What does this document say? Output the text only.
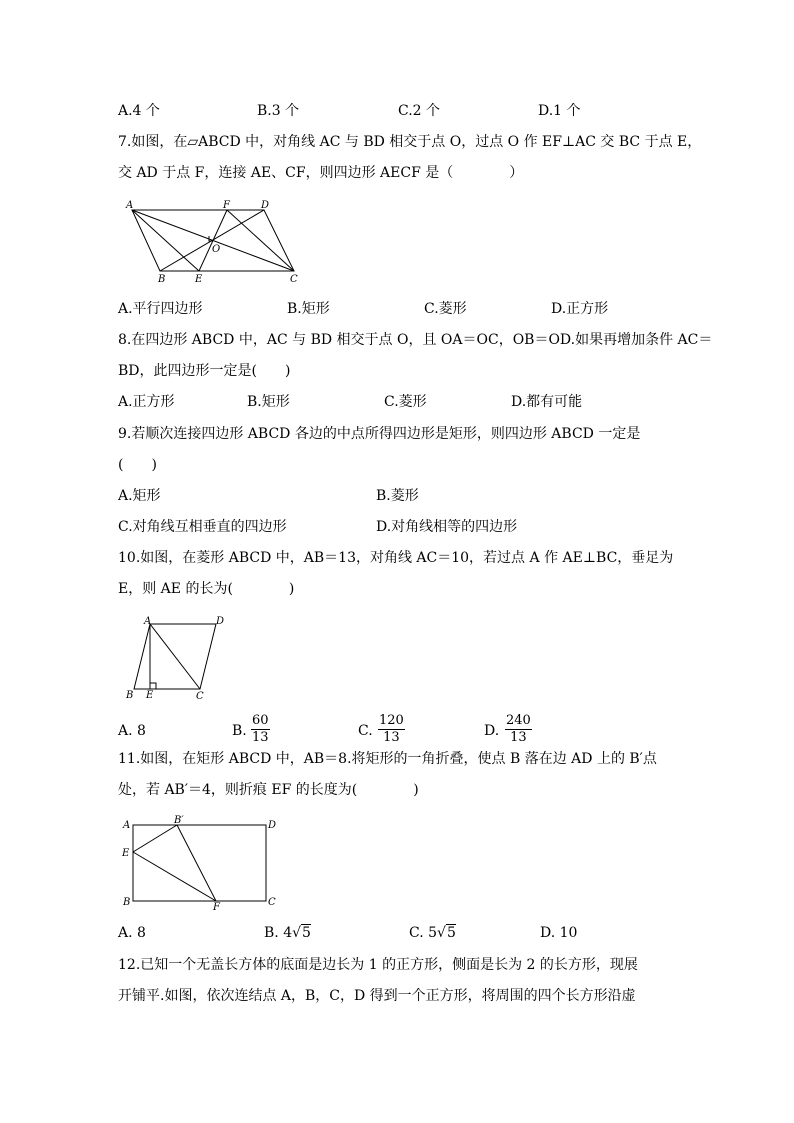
A.4 个	B.3 个	C.2 个	D.1 个
7.如图，在▱ABCD 中，对角线 AC 与 BD 相交于点 O，过点 O 作 EF⊥AC 交 BC 于点 E，
交 AD 于点 F，连接 AE、CF，则四边形 AECF 是（　　　　）
A	F	D
O
B	E	C
A.平行四边形	B.矩形	C.菱形	D.正方形
8.在四边形 ABCD 中，AC 与 BD 相交于点 O，且 OA＝OC，OB＝OD.如果再增加条件 AC＝
BD，此四边形一定是(　　)
A.正方形	B.矩形	C.菱形	D.都有可能
9.若顺次连接四边形 ABCD 各边的中点所得四边形是矩形，则四边形 ABCD 一定是
(　　)
A.矩形	B.菱形
C.对角线互相垂直的四边形	D.对角线相等的四边形
10.如图，在菱形 ABCD 中，AB＝13，对角线 AC＝10，若过点 A 作 AE⊥BC，垂足为
E，则 AE 的长为(　　　　)
A	D
B E	C
A. 8	B. $\frac{60}{13}$	C. $\frac{120}{13}$	D. $\frac{240}{13}$
11.如图，在矩形 ABCD 中，AB＝8.将矩形的一角折叠，使点 B 落在边 AD 上的 B′点
处，若 AB′＝4，则折痕 EF 的长度为(　　　　)
A	B′	D
E
B	F	C
A. 8	B. 4√5	C. 5√5	D. 10
12.已知一个无盖长方体的底面是边长为 1 的正方形，侧面是长为 2 的长方形，现展
开铺平.如图，依次连结点 A，B，C，D 得到一个正方形，将周围的四个长方形沿虚
